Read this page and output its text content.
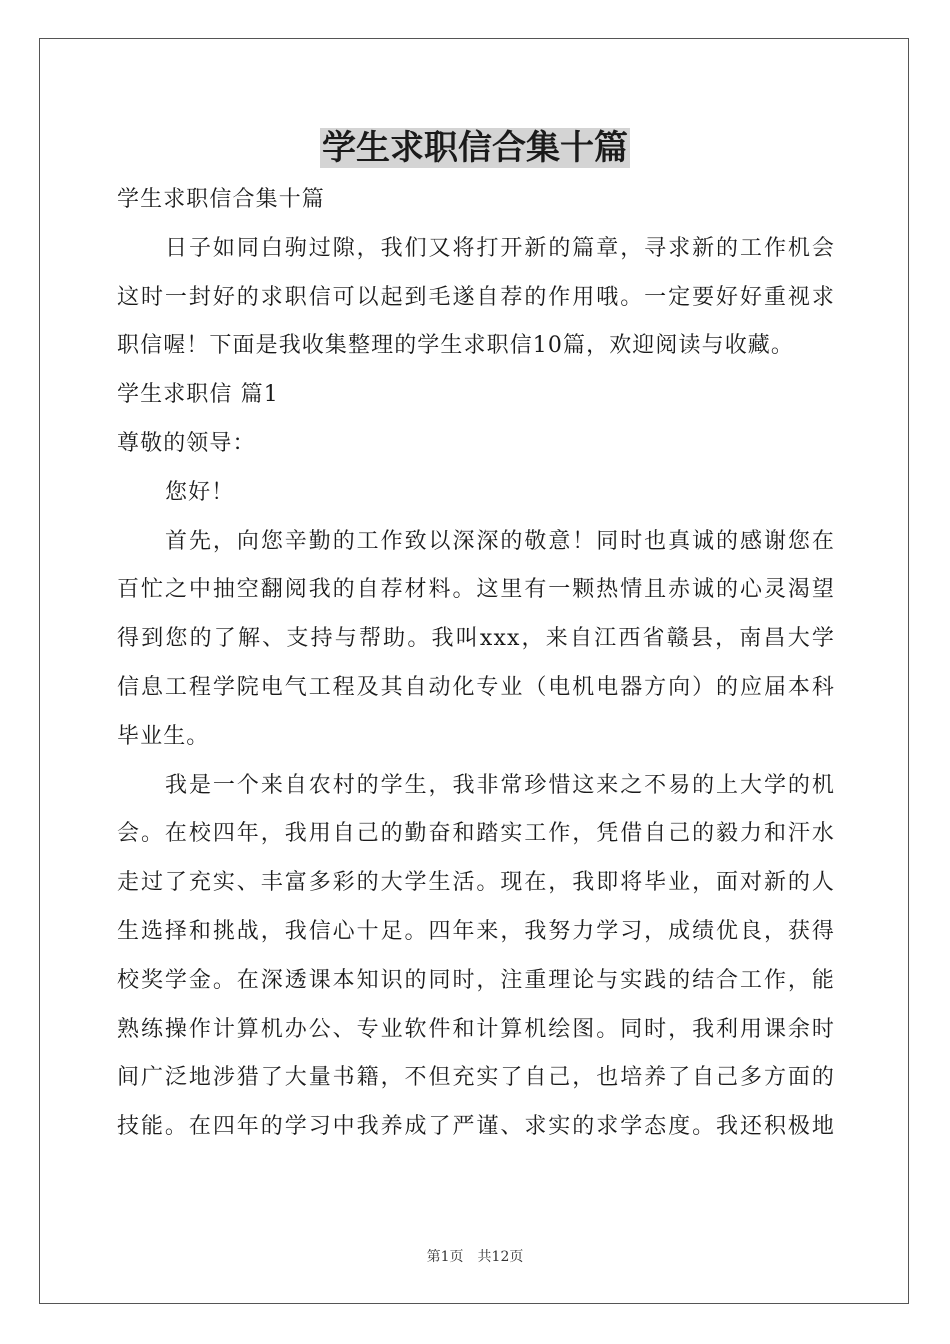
学生求职信合集十篇
学生求职信合集十篇
日子如同白驹过隙，我们又将打开新的篇章，寻求新的工作机会
这时一封好的求职信可以起到毛遂自荐的作用哦。一定要好好重视求
职信喔！下面是我收集整理的学生求职信10篇，欢迎阅读与收藏。
学生求职信 篇1
尊敬的领导：
您好！
首先，向您辛勤的工作致以深深的敬意！同时也真诚的感谢您在
百忙之中抽空翻阅我的自荐材料。这里有一颗热情且赤诚的心灵渴望
得到您的了解、支持与帮助。我叫xxx，来自江西省赣县，南昌大学
信息工程学院电气工程及其自动化专业（电机电器方向）的应届本科
毕业生。
我是一个来自农村的学生，我非常珍惜这来之不易的上大学的机
会。在校四年，我用自己的勤奋和踏实工作，凭借自己的毅力和汗水
走过了充实、丰富多彩的大学生活。现在，我即将毕业，面对新的人
生选择和挑战，我信心十足。四年来，我努力学习，成绩优良，获得
校奖学金。在深透课本知识的同时，注重理论与实践的结合工作，能
熟练操作计算机办公、专业软件和计算机绘图。同时，我利用课余时
间广泛地涉猎了大量书籍，不但充实了自己，也培养了自己多方面的
技能。在四年的学习中我养成了严谨、求实的求学态度。我还积极地
第1页 共12页
